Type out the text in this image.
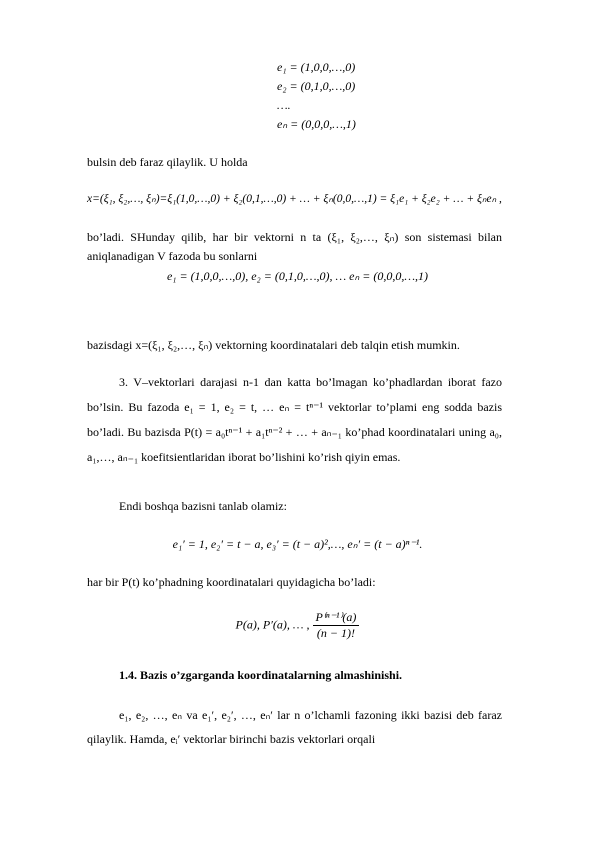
e₁ = (1,0,0,…,0)
e₂ = (0,1,0,…,0)
….
eₙ = (0,0,0,…,1)
bulsin deb faraz qilaylik. U holda
x=(ξ₁, ξ₂,…, ξₙ)=ξ₁(1,0,…,0) + ξ₂(0,1,…,0) + … + ξₙ(0,0,…,1) = ξ₁e₁ + ξ₂e₂ + … + ξₙeₙ ,
bo’ladi. SHunday qilib, har bir vektorni n ta (ξ₁, ξ₂,…, ξₙ) son sistemasi bilan aniqlanadigan V fazoda bu sonlarni
e₁ = (1,0,0,…,0), e₂ = (0,1,0,…,0), … eₙ = (0,0,0,…,1)
bazisdagi x=(ξ₁, ξ₂,…, ξₙ) vektorning koordinatalari deb talqin etish mumkin.
3. V–vektorlari darajasi n-1 dan katta bo’lmagan ko’phadlardan iborat fazo bo’lsin. Bu fazoda e₁ = 1, e₂ = t, … eₙ = tⁿ⁻¹ vektorlar to’plami eng sodda bazis bo’ladi. Bu bazisda P(t) = a₀tⁿ⁻¹ + a₁tⁿ⁻² + … + aₙ₋₁ ko’phad koordinatalari uning a₀, a₁,…, aₙ₋₁ koefitsientlaridan iborat bo’lishini ko’rish qiyin emas.
Endi boshqa bazisni tanlab olamiz:
e₁′ = 1, e₂′ = t − a, e₃′ = (t − a)²,…, eₙ′ = (t − a)ⁿ⁻¹.
har bir P(t) ko’phadning koordinatalari quyidagicha bo’ladi:
P(a), P′(a), … , $\frac{\text{P⁽ⁿ⁻¹⁾(a)}}{(n - 1)!}$
1.4. Bazis o’zgarganda koordinatalarning almashinishi.
e₁, e₂, …, eₙ va e₁′, e₂′, …, eₙ′ lar n o’lchamli fazoning ikki bazisi deb faraz qilaylik. Hamda, eᵢ′ vektorlar birinchi bazis vektorlari orqali
